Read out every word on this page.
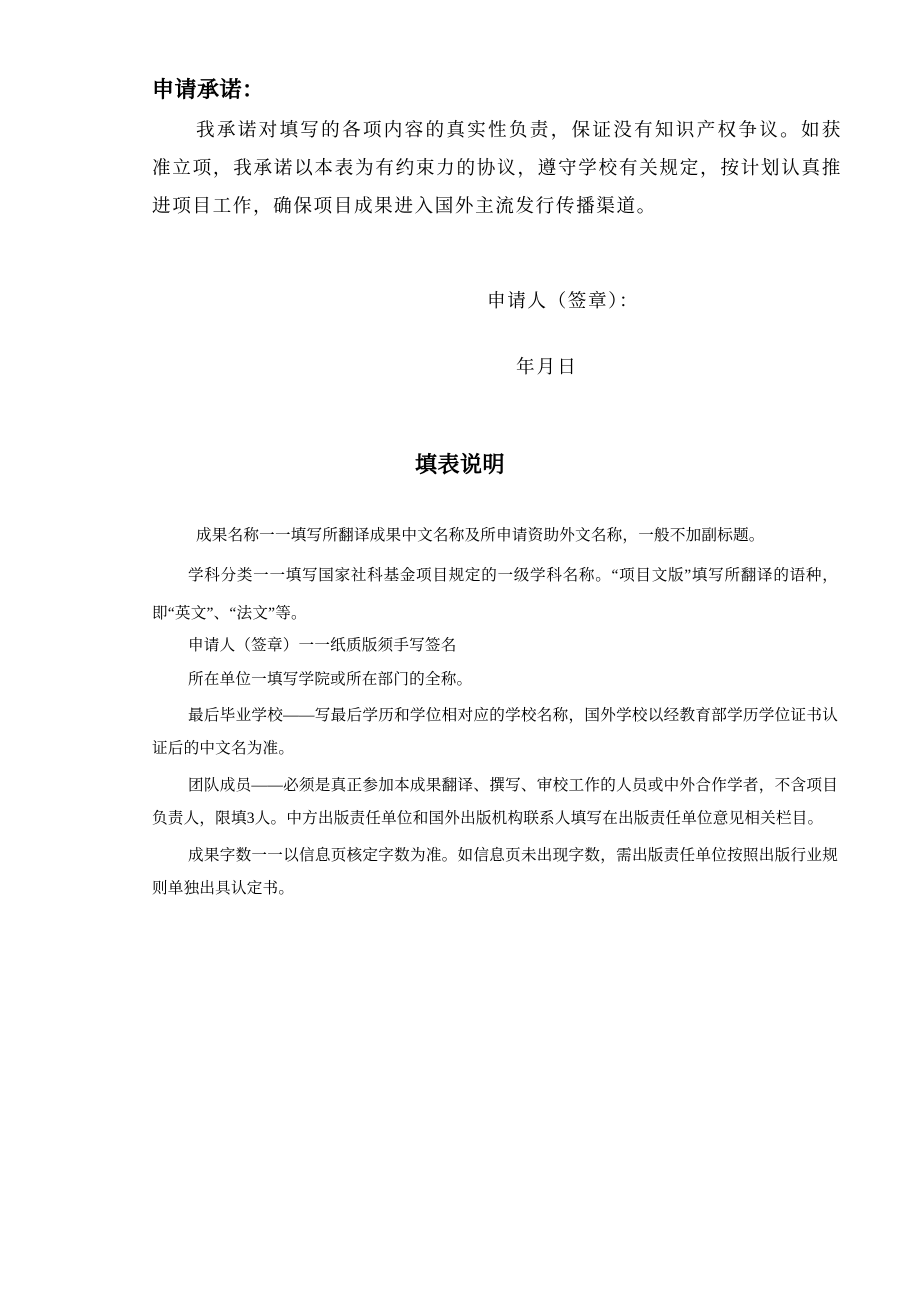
申请承诺：

我承诺对填写的各项内容的真实性负责，保证没有知识产权争议。如获准立项，我承诺以本表为有约束力的协议，遵守学校有关规定，按计划认真推进项目工作，确保项目成果进入国外主流发行传播渠道。

申请人（签章）：

年月日

填表说明

成果名称一一填写所翻译成果中文名称及所申请资助外文名称，一般不加副标题。

学科分类一一填写国家社科基金项目规定的一级学科名称。“项目文版”填写所翻译的语种，即“英文”、“法文”等。

申请人（签章）一一纸质版须手写签名

所在单位一填写学院或所在部门的全称。

最后毕业学校——写最后学历和学位相对应的学校名称，国外学校以经教育部学历学位证书认证后的中文名为准。

团队成员——必须是真正参加本成果翻译、撰写、审校工作的人员或中外合作学者，不含项目负责人，限填3人。中方出版责任单位和国外出版机构联系人填写在出版责任单位意见相关栏目。

成果字数一一以信息页核定字数为准。如信息页未出现字数，需出版责任单位按照出版行业规则单独出具认定书。
